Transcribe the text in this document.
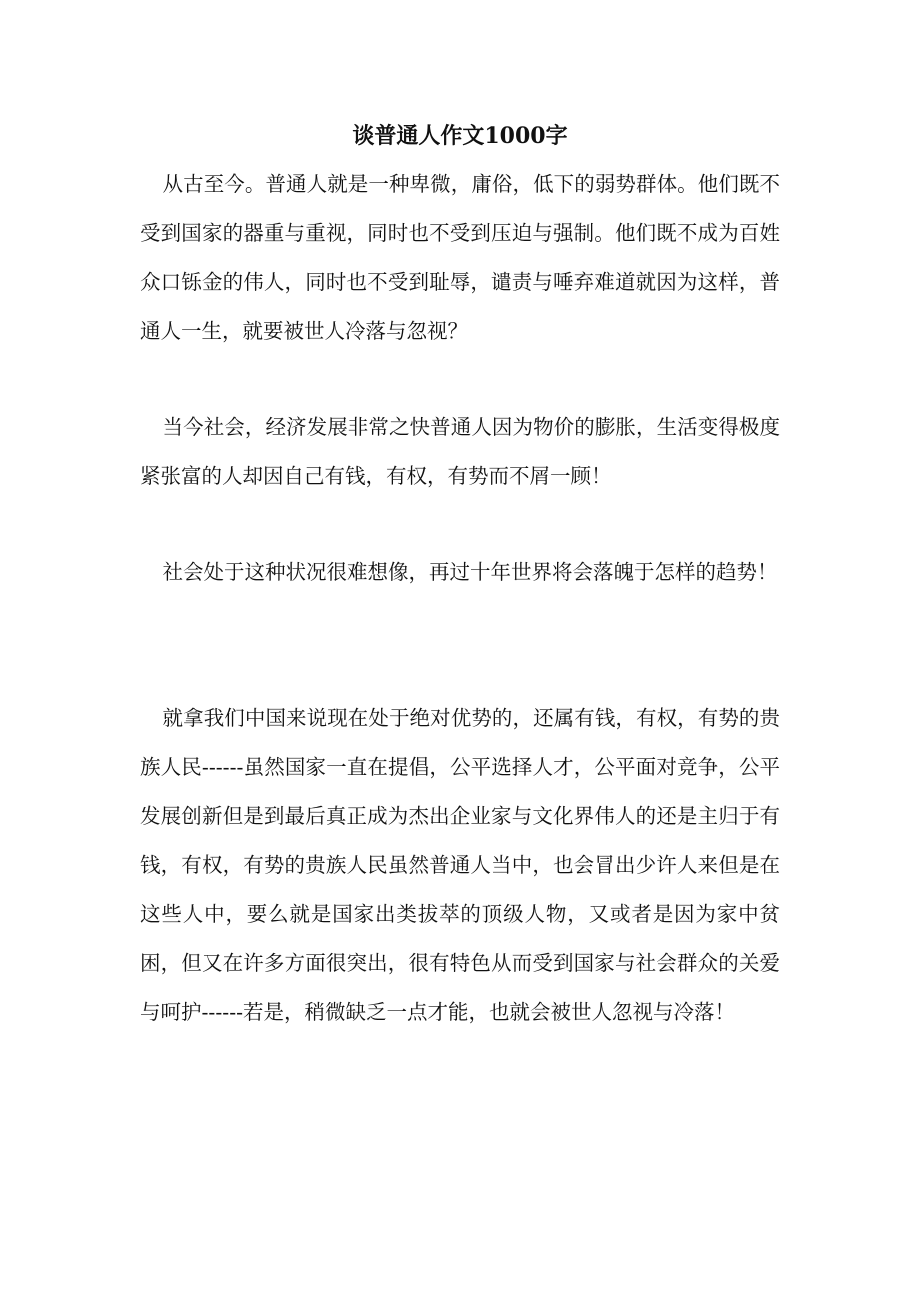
谈普通人作文1000字

从古至今。普通人就是一种卑微，庸俗，低下的弱势群体。他们既不受到国家的器重与重视，同时也不受到压迫与强制。他们既不成为百姓众口铄金的伟人，同时也不受到耻辱，谴责与唾弃难道就因为这样，普通人一生，就要被世人冷落与忽视？

当今社会，经济发展非常之快普通人因为物价的膨胀，生活变得极度紧张富的人却因自己有钱，有权，有势而不屑一顾！

社会处于这种状况很难想像，再过十年世界将会落魄于怎样的趋势！

就拿我们中国来说现在处于绝对优势的，还属有钱，有权，有势的贵族人民------虽然国家一直在提倡，公平选择人才，公平面对竞争，公平发展创新但是到最后真正成为杰出企业家与文化界伟人的还是主归于有钱，有权，有势的贵族人民虽然普通人当中，也会冒出少许人来但是在这些人中，要么就是国家出类拔萃的顶级人物，又或者是因为家中贫困，但又在许多方面很突出，很有特色从而受到国家与社会群众的关爱与呵护------若是，稍微缺乏一点才能，也就会被世人忽视与冷落！
